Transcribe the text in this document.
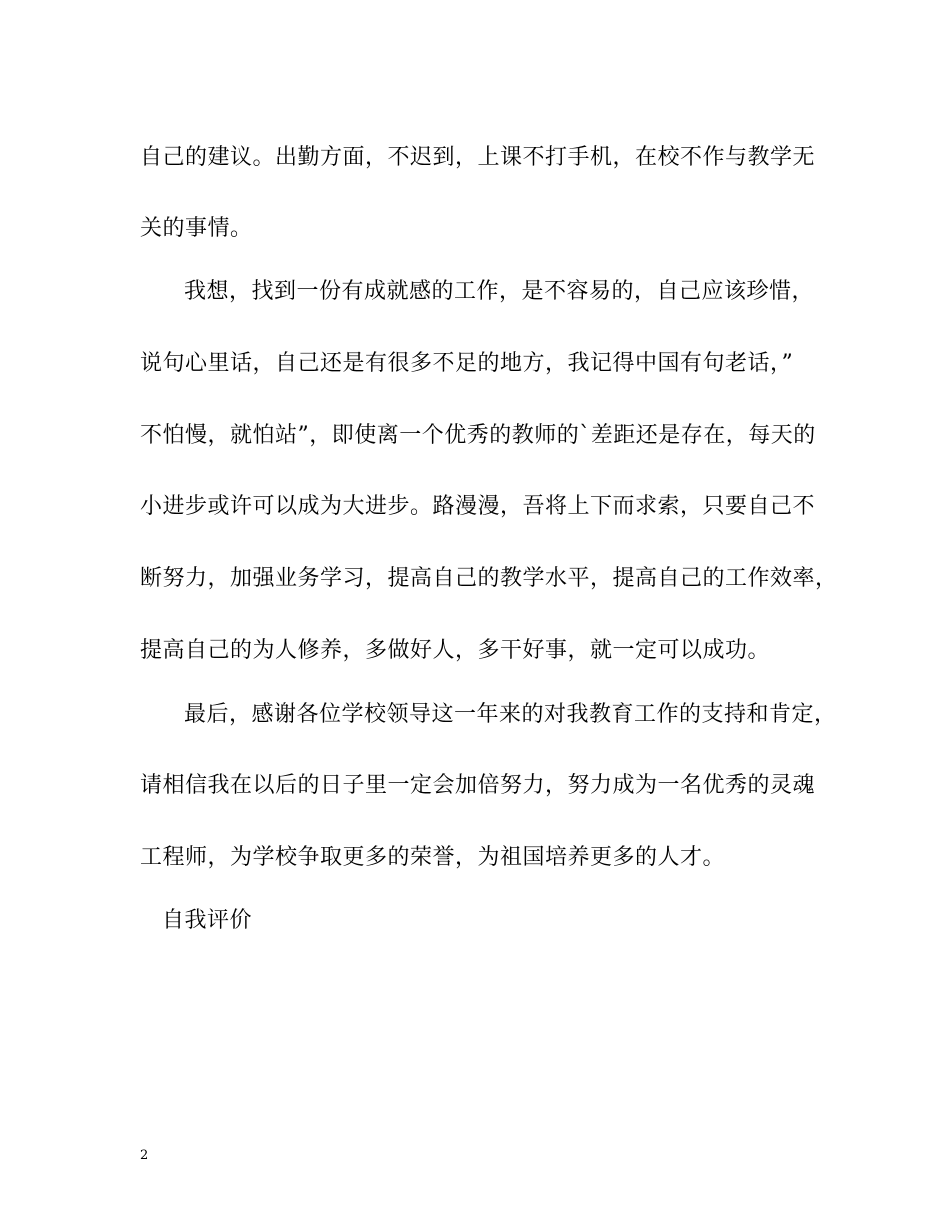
自己的建议。出勤方面，不迟到，上课不打手机，在校不作与教学无
关的事情。
我想，找到一份有成就感的工作，是不容易的，自己应该珍惜，
说句心里话，自己还是有很多不足的地方，我记得中国有句老话，”
不怕慢，就怕站”，即使离一个优秀的教师的`差距还是存在，每天的
小进步或许可以成为大进步。路漫漫，吾将上下而求索，只要自己不
断努力，加强业务学习，提高自己的教学水平，提高自己的工作效率，
提高自己的为人修养，多做好人，多干好事，就一定可以成功。
最后，感谢各位学校领导这一年来的对我教育工作的支持和肯定，
请相信我在以后的日子里一定会加倍努力，努力成为一名优秀的灵魂
工程师，为学校争取更多的荣誉，为祖国培养更多的人才。
自我评价
2
